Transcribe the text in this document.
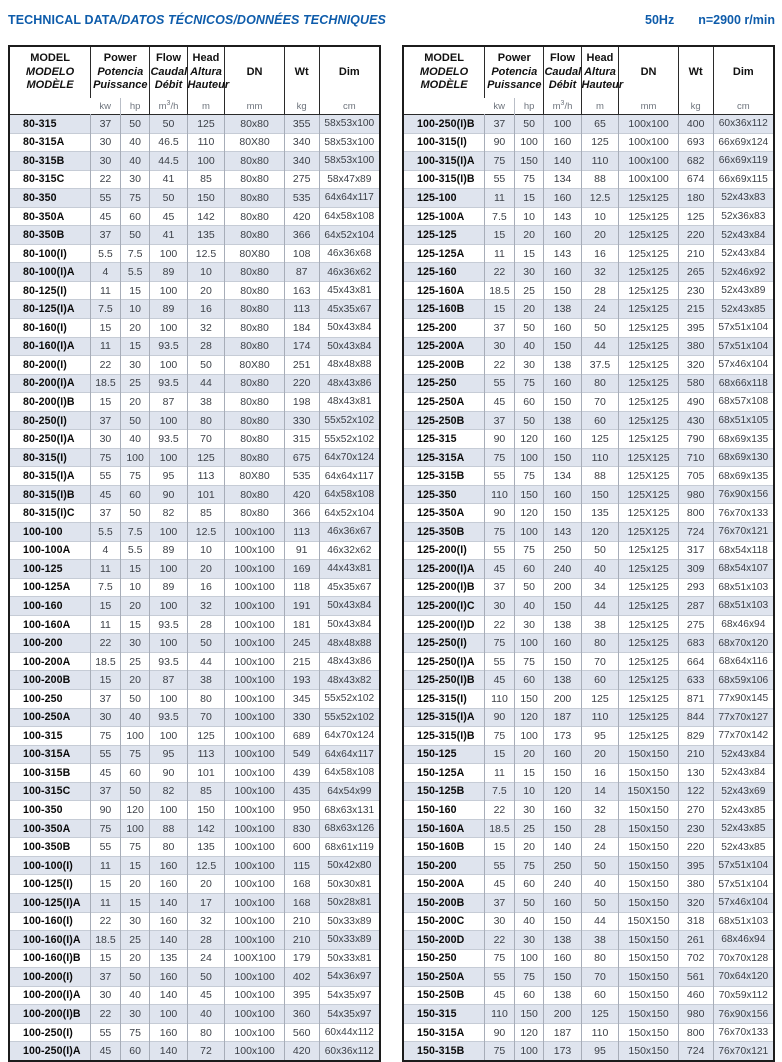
TECHNICAL DATA/DATOS TÉCNICOS/DONNÉES TECHNIQUES	50Hz n=2900 r/min
MODEL
MODELO
MODÈLE	Power
Potencia
Puissance		Flow
Caudal
Débit	Head
Altura
Hauteur	DN	Wt	Dim
	kw	hp	$m^3/h$	m	mm	kg	cm
80-315	37	50	50	125	80x80	355	58x53x100
80-315A	30	40	46.5	110	80X80	340	58x53x100
80-315B	30	40	44.5	100	80x80	340	58x53x100
80-315C	22	30	41	85	80x80	275	58x47x89
80-350	55	75	50	150	80x80	535	64x64x117
80-350A	45	60	45	142	80x80	420	64x58x108
80-350B	37	50	41	135	80x80	366	64x52x104
80-100(I)	5.5	7.5	100	12.5	80X80	108	46x36x68
80-100(I)A	4	5.5	89	10	80x80	87	46x36x62
80-125(I)	11	15	100	20	80x80	163	45x43x81
80-125(I)A	7.5	10	89	16	80x80	113	45x35x67
80-160(I)	15	20	100	32	80x80	184	50x43x84
80-160(I)A	11	15	93.5	28	80x80	174	50x43x84
80-200(I)	22	30	100	50	80X80	251	48x48x88
80-200(I)A	18.5	25	93.5	44	80x80	220	48x43x86
80-200(I)B	15	20	87	38	80x80	198	48x43x81
80-250(I)	37	50	100	80	80x80	330	55x52x102
80-250(I)A	30	40	93.5	70	80x80	315	55x52x102
80-315(I)	75	100	100	125	80x80	675	64x70x124
80-315(I)A	55	75	95	113	80X80	535	64x64x117
80-315(I)B	45	60	90	101	80x80	420	64x58x108
80-315(I)C	37	50	82	85	80x80	366	64x52x104
100-100	5.5	7.5	100	12.5	100x100	113	46x36x67
100-100A	4	5.5	89	10	100x100	91	46x32x62
100-125	11	15	100	20	100x100	169	44x43x81
100-125A	7.5	10	89	16	100x100	118	45x35x67
100-160	15	20	100	32	100x100	191	50x43x84
100-160A	11	15	93.5	28	100x100	181	50x43x84
100-200	22	30	100	50	100x100	245	48x48x88
100-200A	18.5	25	93.5	44	100x100	215	48x43x86
100-200B	15	20	87	38	100x100	193	48x43x82
100-250	37	50	100	80	100x100	345	55x52x102
100-250A	30	40	93.5	70	100x100	330	55x52x102
100-315	75	100	100	125	100x100	689	64x70x124
100-315A	55	75	95	113	100x100	549	64x64x117
100-315B	45	60	90	101	100x100	439	64x58x108
100-315C	37	50	82	85	100x100	435	64x54x99
100-350	90	120	100	150	100x100	950	68x63x131
100-350A	75	100	88	142	100x100	830	68x63x126
100-350B	55	75	80	135	100x100	600	68x61x119
100-100(I)	11	15	160	12.5	100x100	115	50x42x80
100-125(I)	15	20	160	20	100x100	168	50x30x81
100-125(I)A	11	15	140	17	100x100	168	50x28x81
100-160(I)	22	30	160	32	100x100	210	50x33x89
100-160(I)A	18.5	25	140	28	100x100	210	50x33x89
100-160(I)B	15	20	135	24	100X100	179	50x33x81
100-200(I)	37	50	160	50	100x100	402	54x36x97
100-200(I)A	30	40	140	45	100x100	395	54x35x97
100-200(I)B	22	30	100	40	100x100	360	54x35x97
100-250(I)	55	75	160	80	100x100	560	60x44x112
100-250(I)A	45	60	140	72	100x100	420	60x36x112
MODEL
MODELO
MODÈLE	Power
Potencia
Puissance		Flow
Caudal
Débit	Head
Altura
Hauteur	DN	Wt	Dim
	kw	hp	$m^3/h$	m	mm	kg	cm
100-250(I)B	37	50	100	65	100x100	400	60x36x112
100-315(I)	90	100	160	125	100x100	693	66x69x124
100-315(I)A	75	150	140	110	100x100	682	66x69x119
100-315(I)B	55	75	134	88	100x100	674	66x69x115
125-100	11	15	160	12.5	125x125	180	52x43x83
125-100A	7.5	10	143	10	125x125	125	52x36x83
125-125	15	20	160	20	125x125	220	52x43x84
125-125A	11	15	143	16	125x125	210	52x43x84
125-160	22	30	160	32	125x125	265	52x46x92
125-160A	18.5	25	150	28	125x125	230	52x43x89
125-160B	15	20	138	24	125x125	215	52x43x85
125-200	37	50	160	50	125x125	395	57x51x104
125-200A	30	40	150	44	125x125	380	57x51x104
125-200B	22	30	138	37.5	125x125	320	57x46x104
125-250	55	75	160	80	125x125	580	68x66x118
125-250A	45	60	150	70	125x125	490	68x57x108
125-250B	37	50	138	60	125x125	430	68x51x105
125-315	90	120	160	125	125x125	790	68x69x135
125-315A	75	100	150	110	125X125	710	68x69x130
125-315B	55	75	134	88	125X125	705	68x69x135
125-350	110	150	160	150	125X125	980	76x90x156
125-350A	90	120	150	135	125X125	800	76x70x133
125-350B	75	100	143	120	125X125	724	76x70x121
125-200(I)	55	75	250	50	125x125	317	68x54x118
125-200(I)A	45	60	240	40	125x125	309	68x54x107
125-200(I)B	37	50	200	34	125x125	293	68x51x103
125-200(I)C	30	40	150	44	125x125	287	68x51x103
125-200(I)D	22	30	138	38	125x125	275	68x46x94
125-250(I)	75	100	160	80	125x125	683	68x70x120
125-250(I)A	55	75	150	70	125x125	664	68x64x116
125-250(I)B	45	60	138	60	125x125	633	68x59x106
125-315(I)	110	150	200	125	125x125	871	77x90x145
125-315(I)A	90	120	187	110	125x125	844	77x70x127
125-315(I)B	75	100	173	95	125x125	829	77x70x142
150-125	15	20	160	20	150x150	210	52x43x84
150-125A	11	15	150	16	150x150	130	52x43x84
150-125B	7.5	10	120	14	150X150	122	52x43x69
150-160	22	30	160	32	150x150	270	52x43x85
150-160A	18.5	25	150	28	150x150	230	52x43x85
150-160B	15	20	140	24	150x150	220	52x43x85
150-200	55	75	250	50	150x150	395	57x51x104
150-200A	45	60	240	40	150x150	380	57x51x104
150-200B	37	50	160	50	150x150	320	57x46x104
150-200C	30	40	150	44	150X150	318	68x51x103
150-200D	22	30	138	38	150x150	261	68x46x94
150-250	75	100	160	80	150x150	702	70x70x128
150-250A	55	75	150	70	150x150	561	70x64x120
150-250B	45	60	138	60	150x150	460	70x59x112
150-315	110	150	200	125	150x150	980	76x90x156
150-315A	90	120	187	110	150x150	800	76x70x133
150-315B	75	100	173	95	150x150	724	76x70x121
